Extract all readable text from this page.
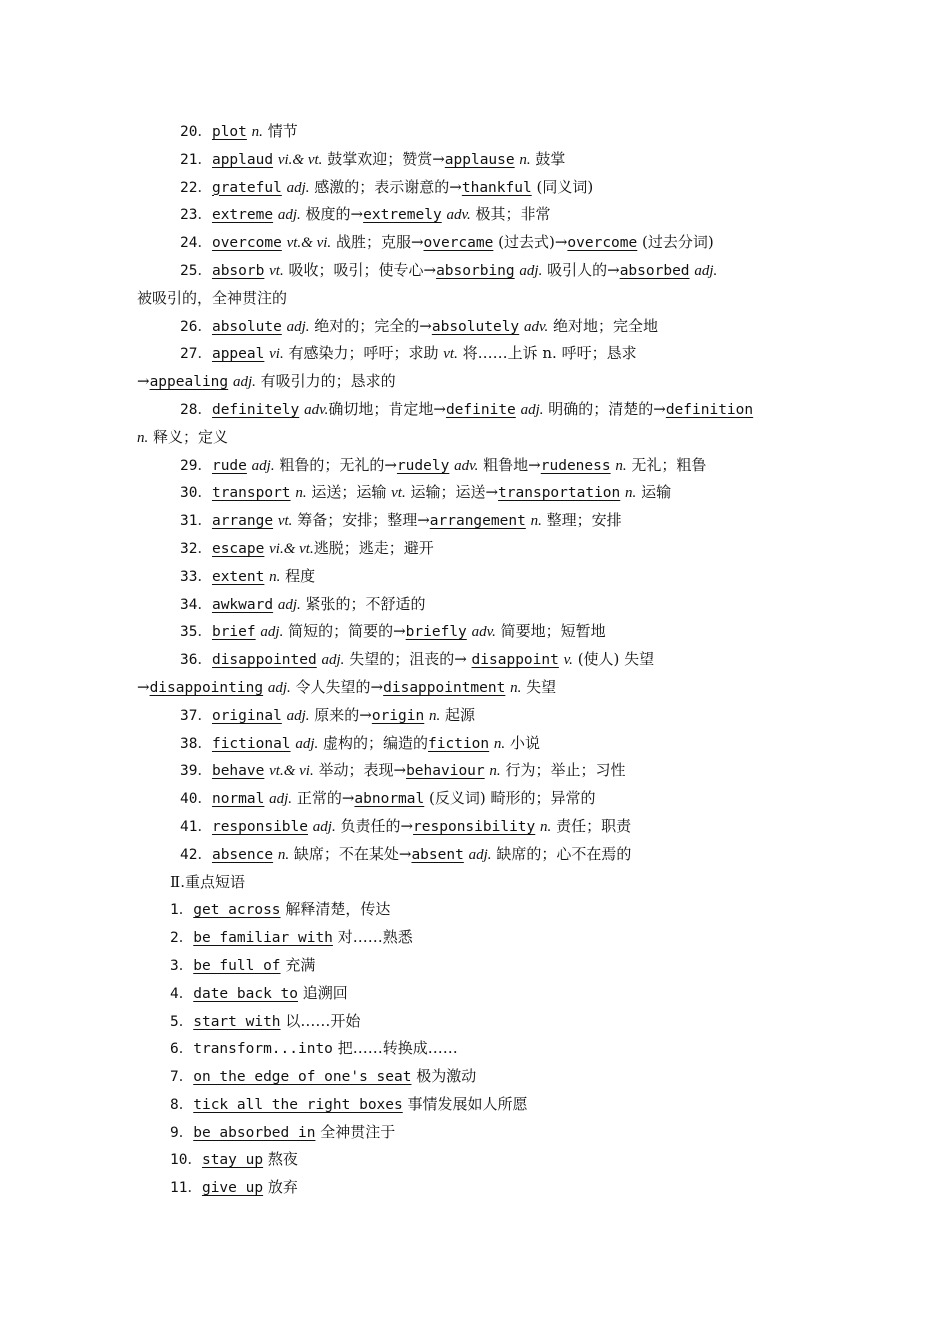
20．plot n. 情节
21．applaud vi.& vt. 鼓掌欢迎；赞赏→applause n. 鼓掌
22．grateful adj. 感激的；表示谢意的→thankful (同义词)
23．extreme adj. 极度的→extremely adv. 极其；非常
24．overcome vt.& vi. 战胜；克服→overcame (过去式)→overcome (过去分词)
25．absorb vt. 吸收；吸引；使专心→absorbing adj. 吸引人的→absorbed adj.
被吸引的，全神贯注的
26．absolute adj. 绝对的；完全的→absolutely adv. 绝对地；完全地
27．appeal vi. 有感染力；呼吁；求助 vt. 将……上诉 n. 呼吁；恳求
→appealing adj. 有吸引力的；恳求的
28．definitely adv.确切地；肯定地→definite adj. 明确的；清楚的→definition
n. 释义；定义
29．rude adj. 粗鲁的；无礼的→rudely adv. 粗鲁地→rudeness n. 无礼；粗鲁
30．transport n. 运送；运输 vt. 运输；运送→transportation n. 运输
31．arrange vt. 筹备；安排；整理→arrangement n. 整理；安排
32．escape vi.& vt.逃脱；逃走；避开
33．extent n. 程度
34．awkward adj. 紧张的；不舒适的
35．brief adj. 简短的；简要的→briefly adv. 简要地；短暂地
36．disappointed adj. 失望的；沮丧的→ disappoint v. (使人) 失望
→disappointing adj. 令人失望的→disappointment n. 失望
37．original adj. 原来的→origin n. 起源
38．fictional adj. 虚构的；编造的fiction n. 小说
39．behave vt.& vi. 举动；表现→behaviour n. 行为；举止；习性
40．normal adj. 正常的→abnormal (反义词) 畸形的；异常的
41．responsible adj. 负责任的→responsibility n. 责任；职责
42．absence n. 缺席；不在某处→absent adj. 缺席的；心不在焉的
Ⅱ.重点短语
1．get across 解释清楚，传达
2．be familiar with 对……熟悉
3．be full of 充满
4．date back to 追溯回
5．start with 以……开始
6．transform...into 把……转换成……
7．on the edge of one's seat 极为激动
8．tick all the right boxes 事情发展如人所愿
9．be absorbed in 全神贯注于
10．stay up 熬夜
11．give up 放弃
